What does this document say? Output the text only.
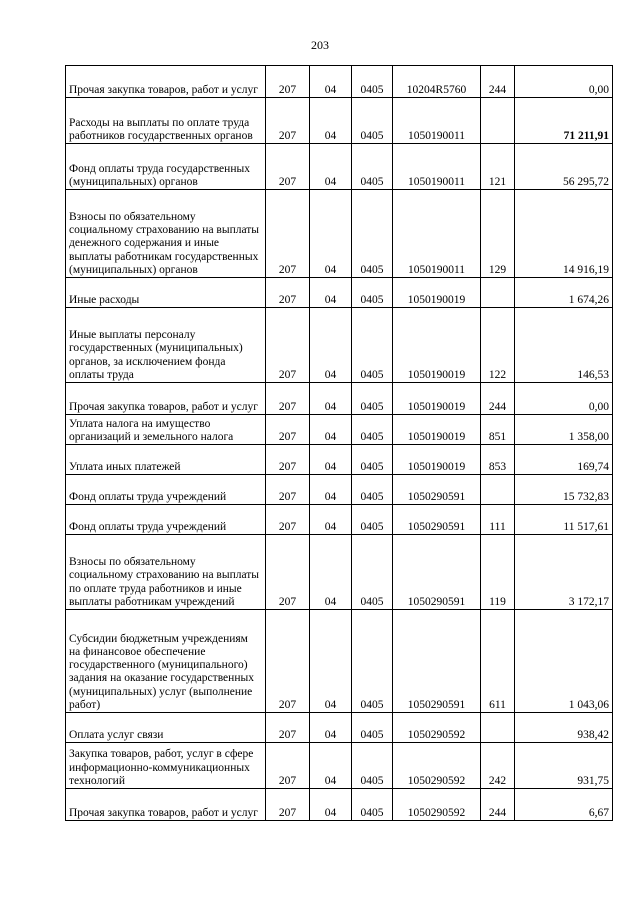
203
Прочая закупка товаров, работ и услуг	207	04	0405	10204R5760	244	0,00
Расходы на выплаты по оплате труда работников государственных органов	207	04	0405	1050190011		71 211,91
Фонд оплаты труда государственных (муниципальных) органов	207	04	0405	1050190011	121	56 295,72
Взносы по обязательному социальному страхованию на выплаты денежного содержания и иные выплаты работникам государственных (муниципальных) органов	207	04	0405	1050190011	129	14 916,19
Иные расходы	207	04	0405	1050190019		1 674,26
Иные выплаты персоналу государственных (муниципальных) органов, за исключением фонда оплаты труда	207	04	0405	1050190019	122	146,53
Прочая закупка товаров, работ и услуг	207	04	0405	1050190019	244	0,00
Уплата налога на имущество организаций и земельного налога	207	04	0405	1050190019	851	1 358,00
Уплата иных платежей	207	04	0405	1050190019	853	169,74
Фонд оплаты труда учреждений	207	04	0405	1050290591		15 732,83
Фонд оплаты труда учреждений	207	04	0405	1050290591	111	11 517,61
Взносы по обязательному социальному страхованию на выплаты по оплате труда работников и иные выплаты работникам учреждений	207	04	0405	1050290591	119	3 172,17
Субсидии бюджетным учреждениям на финансовое обеспечение государственного (муниципального) задания на оказание государственных (муниципальных) услуг (выполнение работ)	207	04	0405	1050290591	611	1 043,06
Оплата услуг связи	207	04	0405	1050290592		938,42
Закупка товаров, работ, услуг в сфере информационно-коммуникационных технологий	207	04	0405	1050290592	242	931,75
Прочая закупка товаров, работ и услуг	207	04	0405	1050290592	244	6,67
